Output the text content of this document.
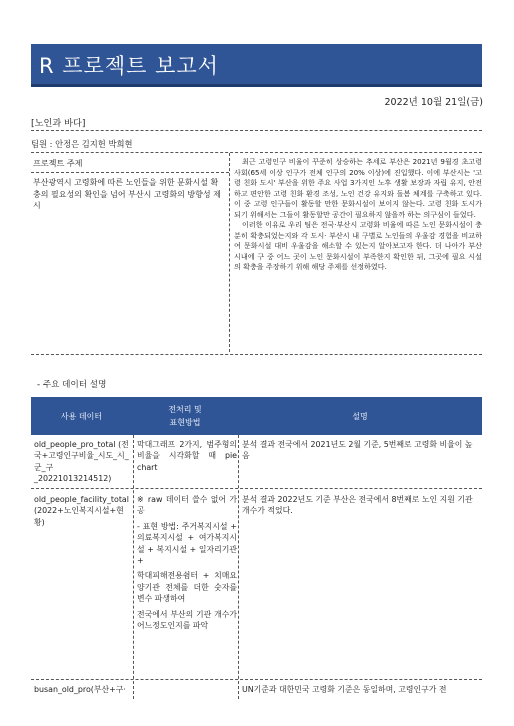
R 프로젝트 보고서
2022년 10월 21일(금)
[노인과 바다]
팀원 : 안정은 김지헌 박희현
프로젝트 주제
부산광역시 고령화에 따른 노인들을 위한 문화시설 확충의 필요성의 확인을 넘어 부산시 고령화의 방향성 제시

최근 고령인구 비율이 꾸준히 상승하는 추세로 부산은 2021년 9월경 초고령사회(65세 이상 인구가 전체 인구의 20% 이상)에 진입했다. 이에 부산시는 '고령 친화 도시' 부산을 위한 주요 사업 3가지인 노후 생활 보장과 자립 유지, 안전하고 편안한 고령 친화 환경 조성, 노인 건강 유지와 돌봄 체계를 구축하고 있다. 이 중 고령 인구들이 활동할 만한 문화시설이 보이지 않는다. 고령 친화 도시가 되기 위해서는 그들이 활동할만 공간이 필요하지 않을까 하는 의구심이 들었다.

이러한 이유로 우리 팀은 전국·부산시 고령화 비율에 따른 노인 문화시설이 충분히 확충되었는지와 각 도시· 부산시 내 구별로 노인들의 우울감 경험을 비교하여 문화시설 대비 우울감을 해소할 수 있는지 알아보고자 한다. 더 나아가 부산 시내에 구 중 어느 곳이 노인 문화시설이 부족한지 확인한 뒤, 그곳에 필요 시설의 확충을 주장하기 위해 해당 주제를 선정하였다.

- 주요 데이터 설명
사용 데이터
전처리 및
표현방법
설명
old_people_pro_total (전국+고령인구비율_시도_시_군_구 _20221013214512)

막대그래프 2가지, 범주형의 비율을 시각화할 때 pie chart

분석 결과 전국에서 2021년도 2월 기준, 5번째로 고령화 비율이 높음
old_people_facility_total (2022+노인복지시설+현황)

※ raw 데이터 쓸수 없어 가공

- 표현 방법: 주거복지시설 + 의료복지시설 + 여가복지시설 + 복지시설 + 일자리기관 +

학대피해전용쉼터 + 치매요양기관 전체를 더한 숫자를 변수 파생하여

전국에서 부산의 기관 개수가 어느정도인지를 파악

분석 결과 2022년도 기준 부산은 전국에서 8번째로 노인 지원 기관 개수가 적었다.
busan_old_pro(부산+구·	UN기준과 대한민국 고령화 기준은 동일하며, 고령인구가 전
